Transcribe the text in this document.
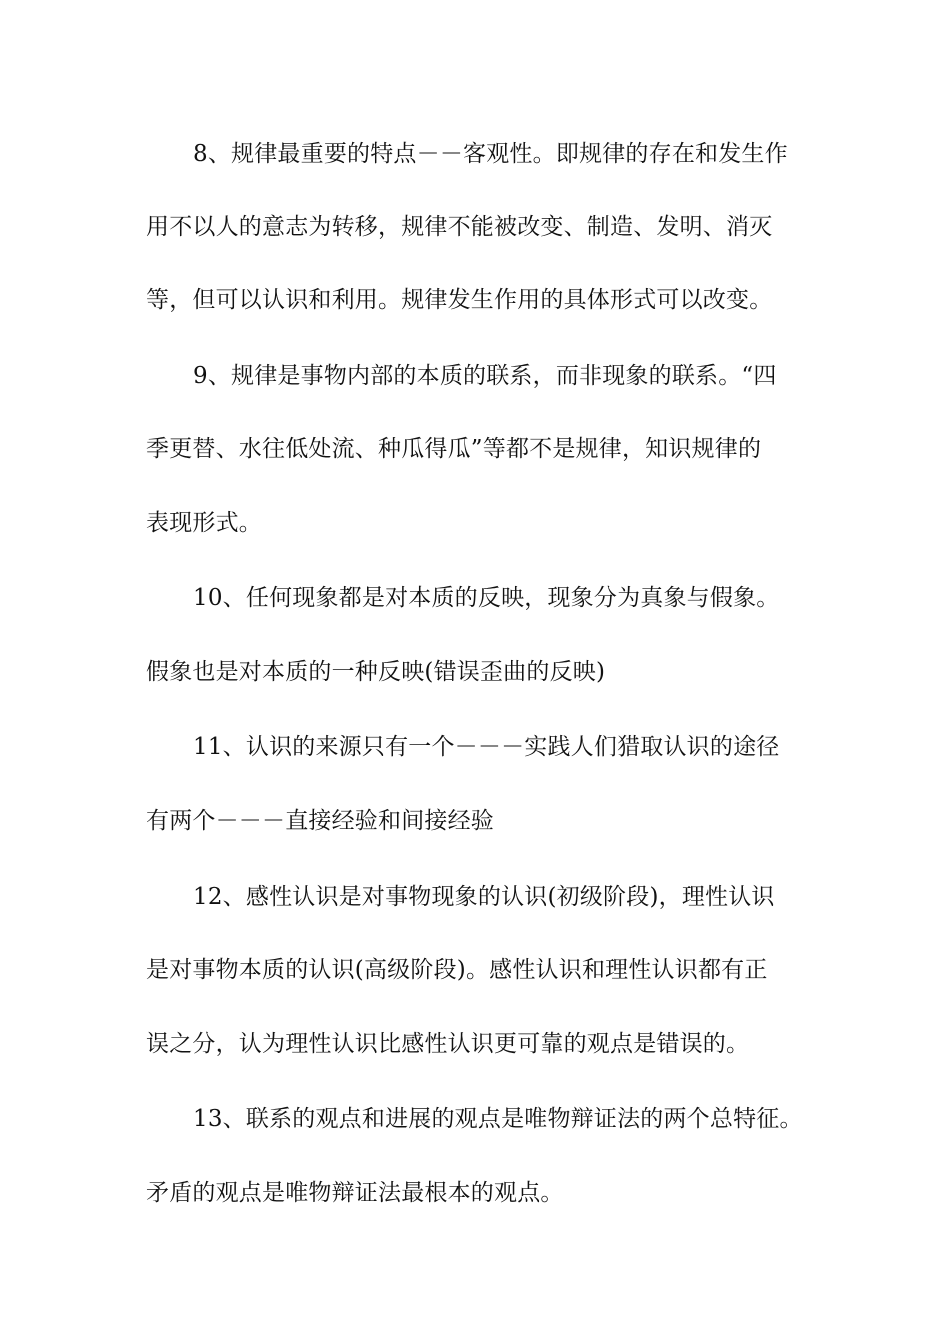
8、规律最重要的特点－－客观性。即规律的存在和发生作
用不以人的意志为转移，规律不能被改变、制造、发明、消灭
等，但可以认识和利用。规律发生作用的具体形式可以改变。
9、规律是事物内部的本质的联系，而非现象的联系。“四
季更替、水往低处流、种瓜得瓜”等都不是规律，知识规律的
表现形式。
10、任何现象都是对本质的反映，现象分为真象与假象。
假象也是对本质的一种反映(错误歪曲的反映)
11、认识的来源只有一个－－－实践人们猎取认识的途径
有两个－－－直接经验和间接经验
12、感性认识是对事物现象的认识(初级阶段)，理性认识
是对事物本质的认识(高级阶段)。感性认识和理性认识都有正
误之分，认为理性认识比感性认识更可靠的观点是错误的。
13、联系的观点和进展的观点是唯物辩证法的两个总特征。
矛盾的观点是唯物辩证法最根本的观点。
